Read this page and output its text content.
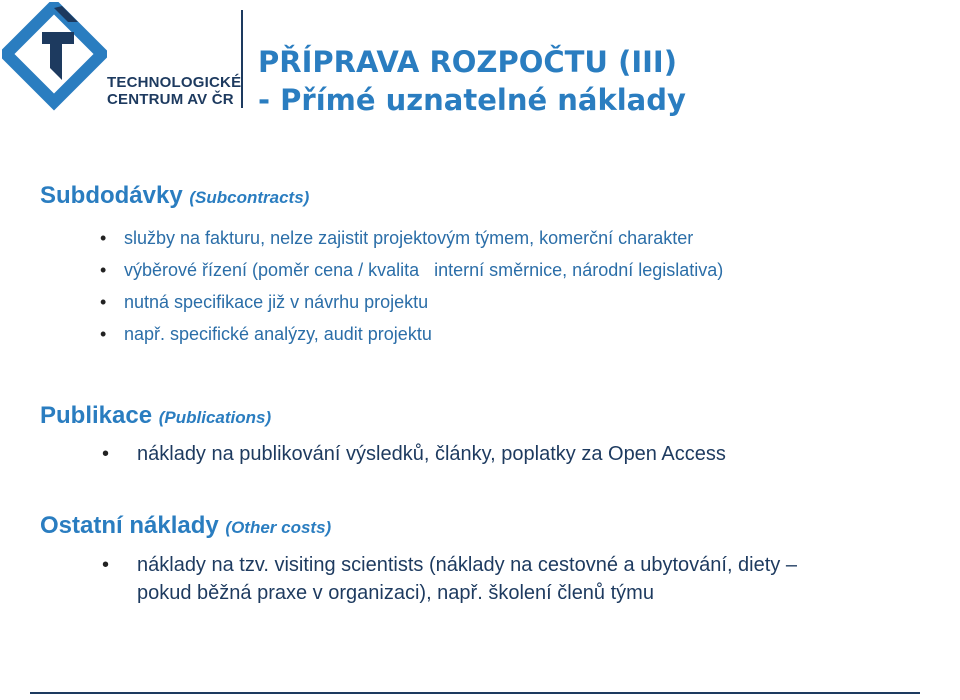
TECHNOLOGICKÉ
CENTRUM AV ČR
PŘÍPRAVA ROZPOČTU (III)
- Přímé uznatelné náklady
Subdodávky (Subcontracts)
• služby na fakturu, nelze zajistit projektovým týmem, komerční charakter
• výběrové řízení (poměr cena / kvalita   interní směrnice, národní legislativa)
• nutná specifikace již v návrhu projektu
• např. specifické analýzy, audit projektu
Publikace (Publications)
• náklady na publikování výsledků, články, poplatky za Open Access
Ostatní náklady (Other costs)
• náklady na tzv. visiting scientists (náklady na cestovné a ubytování, diety –
pokud běžná praxe v organizaci), např. školení členů týmu
